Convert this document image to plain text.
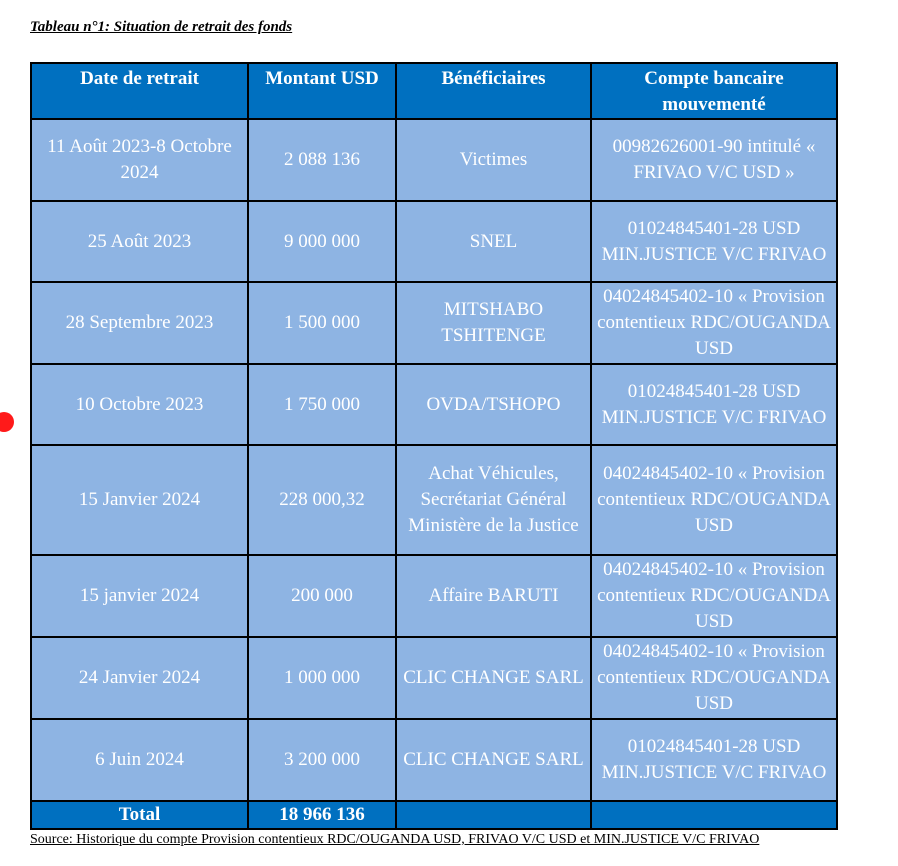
Tableau n°1: Situation de retrait des fonds
Date de retrait	Montant USD	Bénéficiaires	Compte bancaire mouvementé
11 Août 2023-8 Octobre 2024	2 088 136	Victimes	00982626001-90 intitulé « FRIVAO V/C USD »
25 Août 2023	9 000 000	SNEL	01024845401-28 USD MIN.JUSTICE V/C FRIVAO
28 Septembre 2023	1 500 000	MITSHABO TSHITENGE	04024845402-10 « Provision contentieux RDC/OUGANDA USD
10 Octobre 2023	1 750 000	OVDA/TSHOPO	01024845401-28 USD MIN.JUSTICE V/C FRIVAO
15 Janvier 2024	228 000,32	Achat Véhicules, Secrétariat Général Ministère de la Justice	04024845402-10 « Provision contentieux RDC/OUGANDA USD
15 janvier 2024	200 000	Affaire BARUTI	04024845402-10 « Provision contentieux RDC/OUGANDA USD
24 Janvier 2024	1 000 000	CLIC CHANGE SARL	04024845402-10 « Provision contentieux RDC/OUGANDA USD
6 Juin 2024	3 200 000	CLIC CHANGE SARL	01024845401-28 USD MIN.JUSTICE V/C FRIVAO
Total	18 966 136		
Source: Historique du compte Provision contentieux RDC/OUGANDA USD, FRIVAO V/C USD et MIN.JUSTICE V/C FRIVAO
